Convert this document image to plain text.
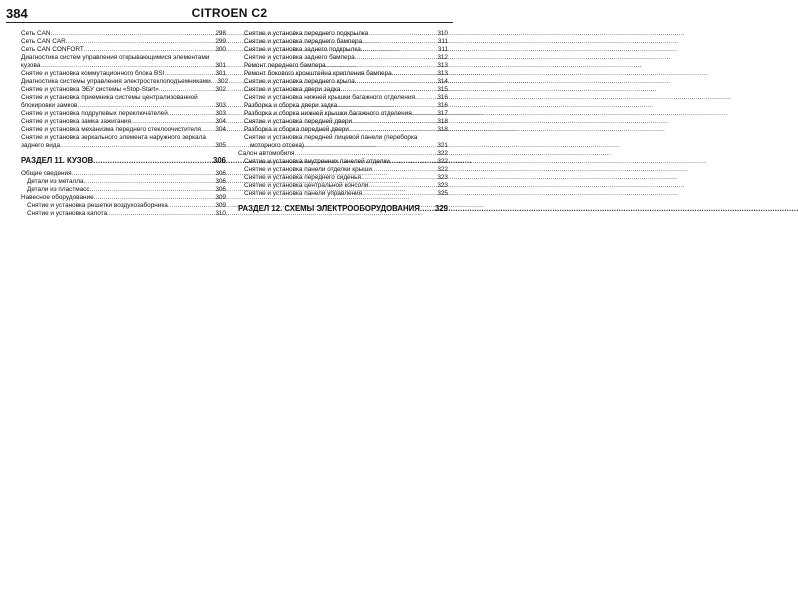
384	CITROEN C2
Сеть CAN .....	298
Сеть CAN CAR .....	299
Сеть CAN CONFORT .....	300
Диагностика систем управления открывающимися элементами
кузова .....	301
Снятие и установка коммутационного блока BSI .....	301
Диагностика системы управления электростеклоподъемниками. ..... 302
Снятие и установка ЭБУ системы «Stop-Start» .....	302
Снятие и установка приемника системы централизованной
блокировки замков .....	303
Снятие и установка подрулевых переключателей .....	303
Снятие и установка замка зажигания .....	304
Снятие и установка механизма переднего стеклоочистителя ..... 304
Снятие и установка зеркального элемента наружного зеркала
заднего вида .....	305
РАЗДЕЛ 11. КУЗОВ .....	306
Общие сведения .....	306
Детали из металла .....	306
Детали из пластмасс .....	306
Навесное оборудование .....	309
Снятие и установка решетки воздухозаборника .....	309
Снятие и установка капота .....	310
Снятие и установка переднего подкрылка .....	310
Снятие и установка переднего бампера .....	311
Снятие и установка заднего подкрылка .....	311
Снятие и установка заднего бампера .....	312
Ремонт переднего бампера .....	313
Ремонт бокового кронштейна крепления бампера .....	313
Снятие и установка переднего крыла .....	314
Снятие и установка двери задка .....	315
Снятие и установка нижней крышки багажного отделения .....	316
Разборка и сборка двери задка .....	316
Разборка и сборка нижней крышки багажного отделения .....	317
Снятие и установка передней двери .....	318
Разборка и сборка передней двери .....	318
Снятие и установка передней лицевой панели (переборка
моторного отсека) .....	321
Салон автомобиля .....	322
Снятие и установка внутренних панелей отделки .....	322
Снятие и установка панели отделки крыши .....	322
Снятие и установка переднего сиденья .....	323
Снятие и установка центральной консоли .....	323
Снятие и установка панели управления .....	325
РАЗДЕЛ 12. СХЕМЫ ЭЛЕКТРООБОРУДОВАНИЯ ..... 329
